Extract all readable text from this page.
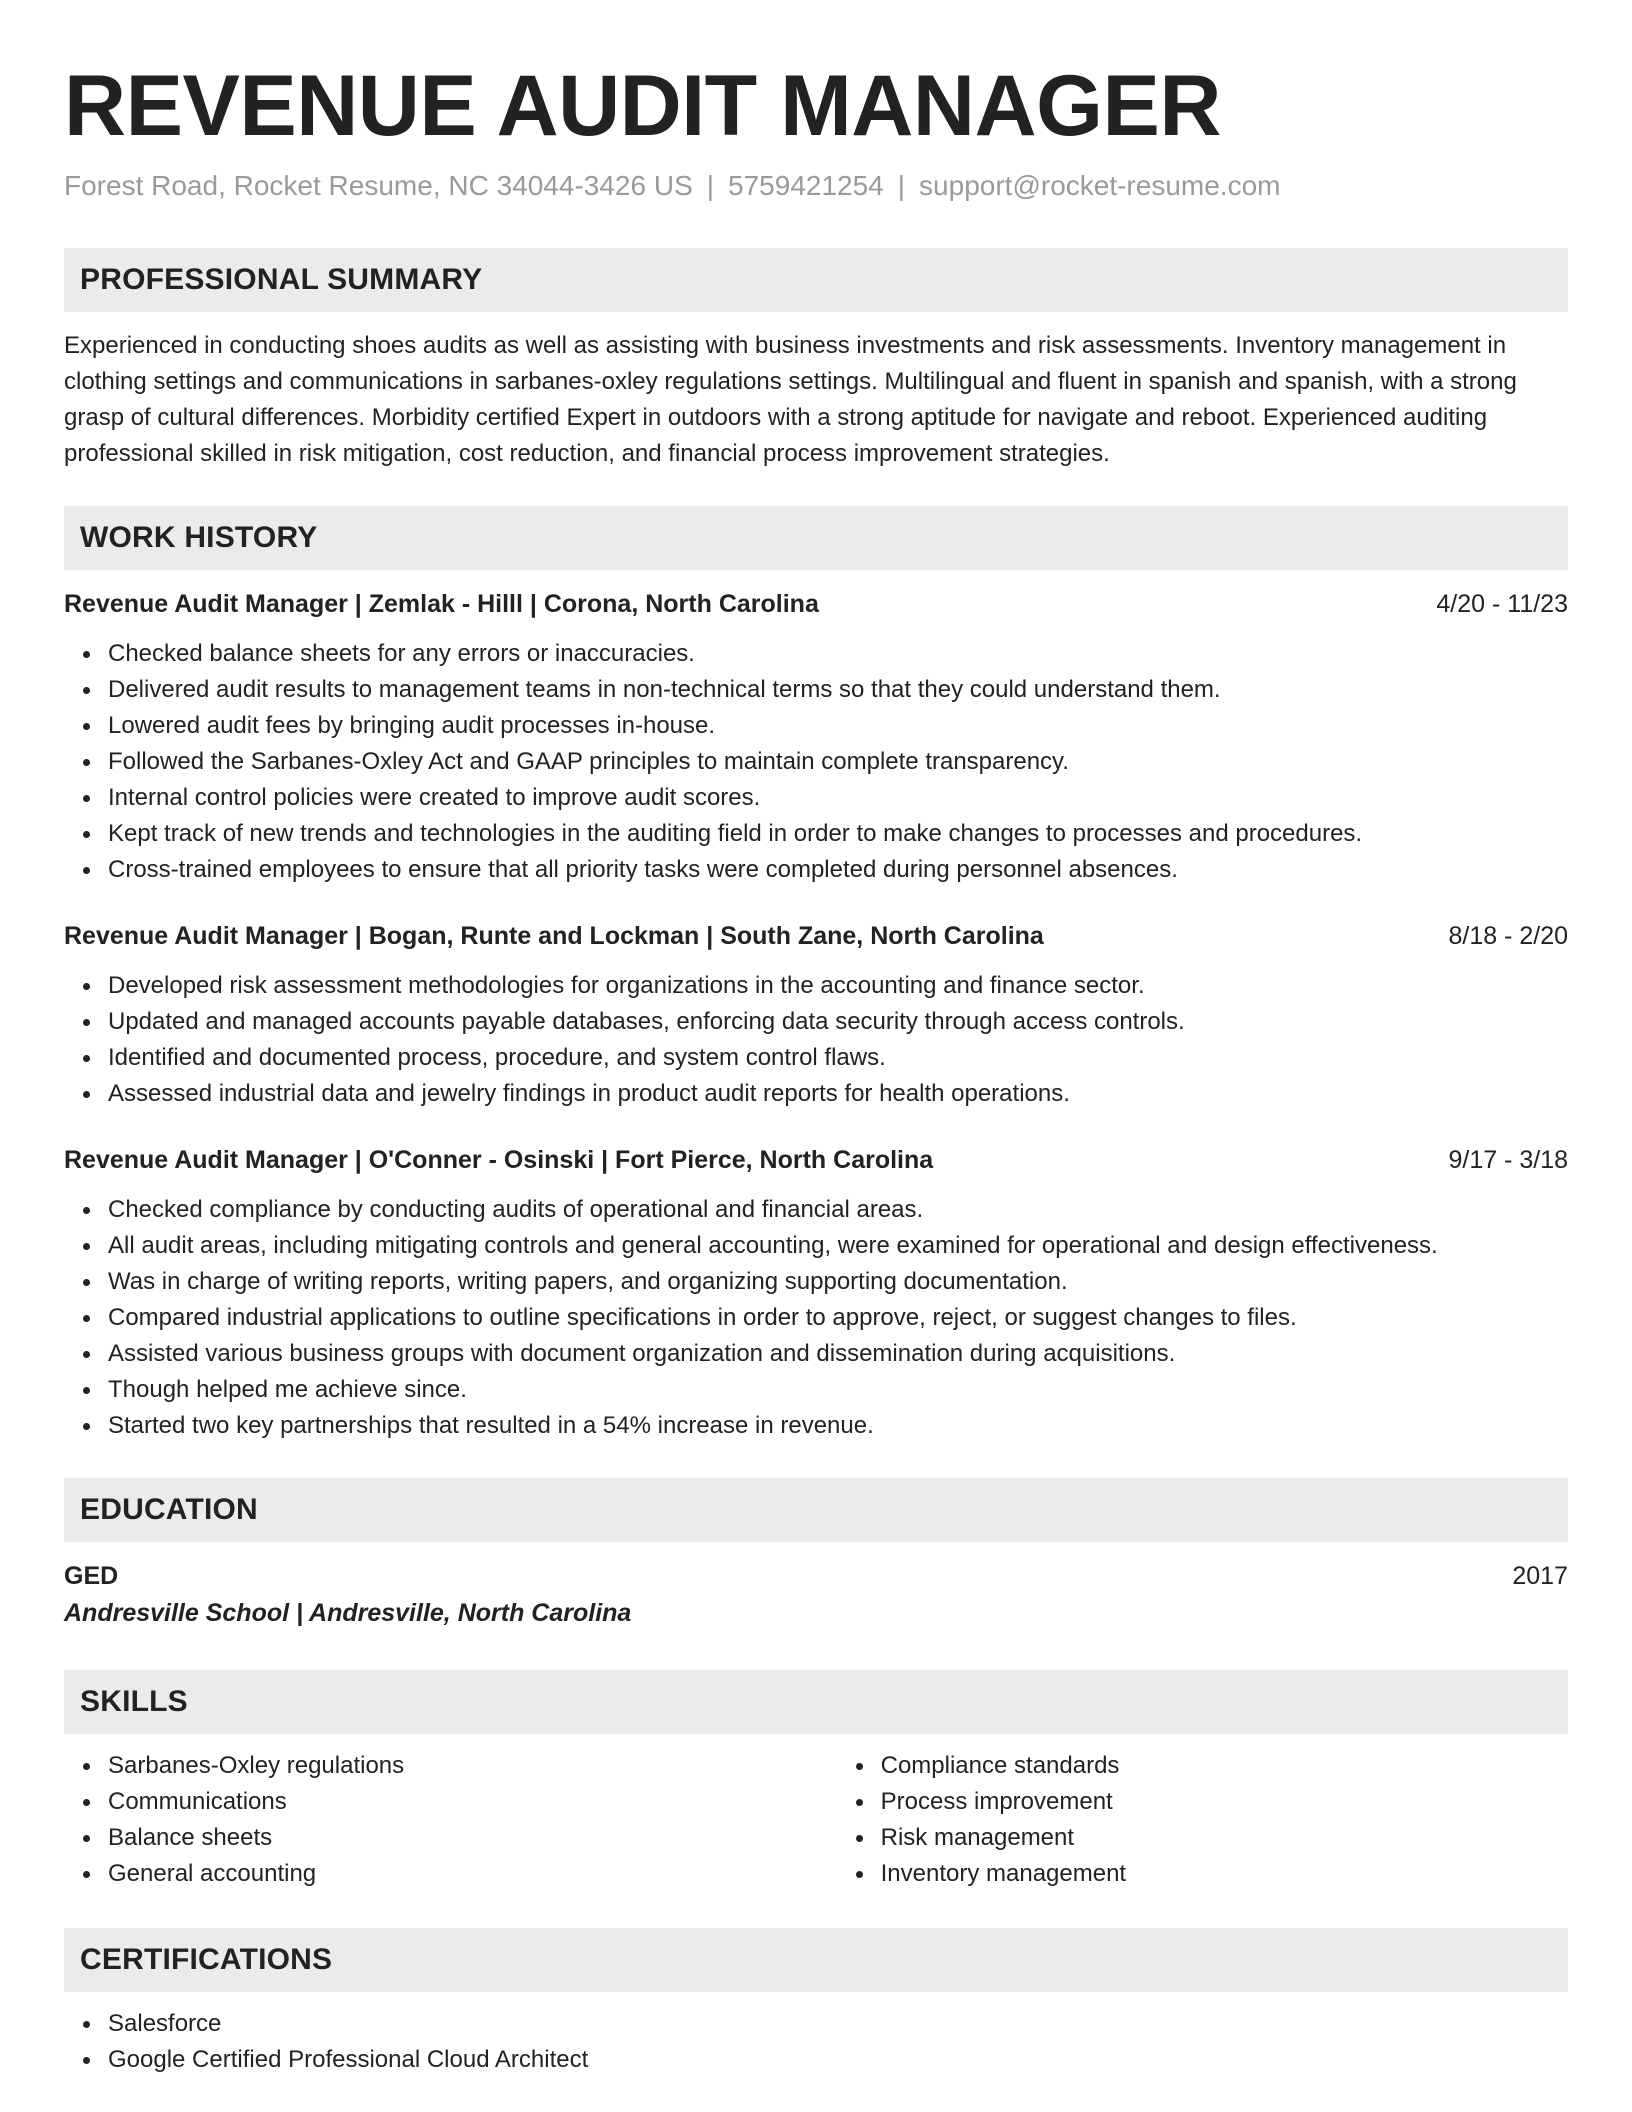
REVENUE AUDIT MANAGER
Forest Road, Rocket Resume, NC 34044-3426 US | 5759421254 | support@rocket-resume.com
PROFESSIONAL SUMMARY
Experienced in conducting shoes audits as well as assisting with business investments and risk assessments. Inventory management in clothing settings and communications in sarbanes-oxley regulations settings. Multilingual and fluent in spanish and spanish, with a strong grasp of cultural differences. Morbidity certified Expert in outdoors with a strong aptitude for navigate and reboot. Experienced auditing professional skilled in risk mitigation, cost reduction, and financial process improvement strategies.
WORK HISTORY
Revenue Audit Manager | Zemlak - Hilll | Corona, North Carolina	4/20 - 11/23
Checked balance sheets for any errors or inaccuracies.
Delivered audit results to management teams in non-technical terms so that they could understand them.
Lowered audit fees by bringing audit processes in-house.
Followed the Sarbanes-Oxley Act and GAAP principles to maintain complete transparency.
Internal control policies were created to improve audit scores.
Kept track of new trends and technologies in the auditing field in order to make changes to processes and procedures.
Cross-trained employees to ensure that all priority tasks were completed during personnel absences.
Revenue Audit Manager | Bogan, Runte and Lockman | South Zane, North Carolina	8/18 - 2/20
Developed risk assessment methodologies for organizations in the accounting and finance sector.
Updated and managed accounts payable databases, enforcing data security through access controls.
Identified and documented process, procedure, and system control flaws.
Assessed industrial data and jewelry findings in product audit reports for health operations.
Revenue Audit Manager | O'Conner - Osinski | Fort Pierce, North Carolina	9/17 - 3/18
Checked compliance by conducting audits of operational and financial areas.
All audit areas, including mitigating controls and general accounting, were examined for operational and design effectiveness.
Was in charge of writing reports, writing papers, and organizing supporting documentation.
Compared industrial applications to outline specifications in order to approve, reject, or suggest changes to files.
Assisted various business groups with document organization and dissemination during acquisitions.
Though helped me achieve since.
Started two key partnerships that resulted in a 54% increase in revenue.
EDUCATION
GED	2017
Andresville School | Andresville, North Carolina
SKILLS
Sarbanes-Oxley regulations
Communications
Balance sheets
General accounting
Compliance standards
Process improvement
Risk management
Inventory management
CERTIFICATIONS
Salesforce
Google Certified Professional Cloud Architect
